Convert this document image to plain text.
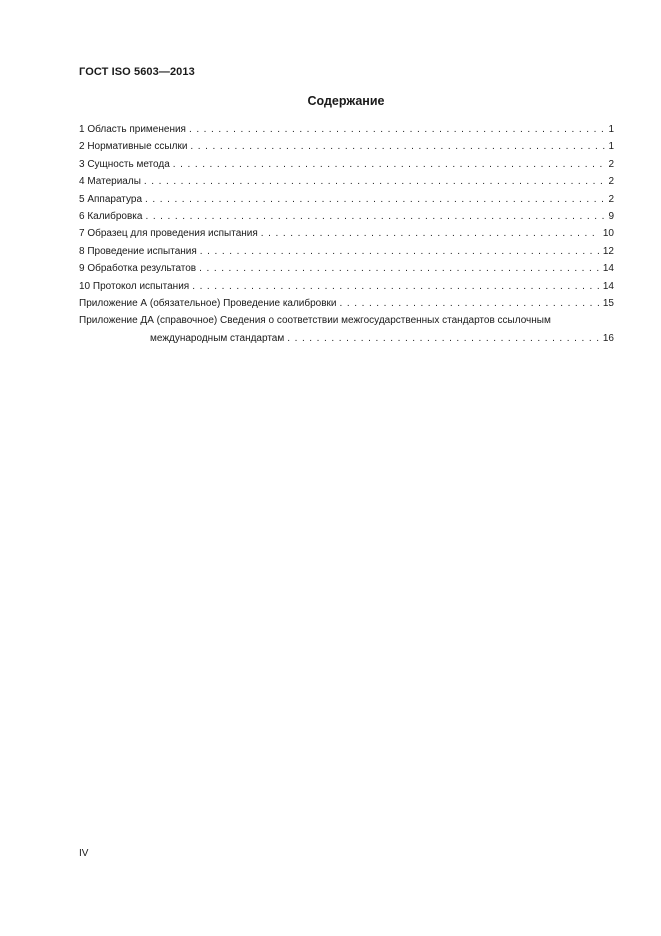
ГОСТ ISO 5603—2013
Содержание
1 Область применения . . .	1
2 Нормативные ссылки . . .	1
3 Сущность метода . . .	2
4 Материалы . . .	2
5 Аппаратура . . .	2
6 Калибровка . . .	9
7 Образец для проведения испытания . . .	10
8 Проведение испытания . . .	12
9 Обработка результатов . . .	14
10 Протокол испытания . . .	14
Приложение А (обязательное) Проведение калибровки . . .	15
Приложение ДА (справочное) Сведения о соответствии межгосударственных стандартов ссылочным
международным стандартам . . .	16
IV
